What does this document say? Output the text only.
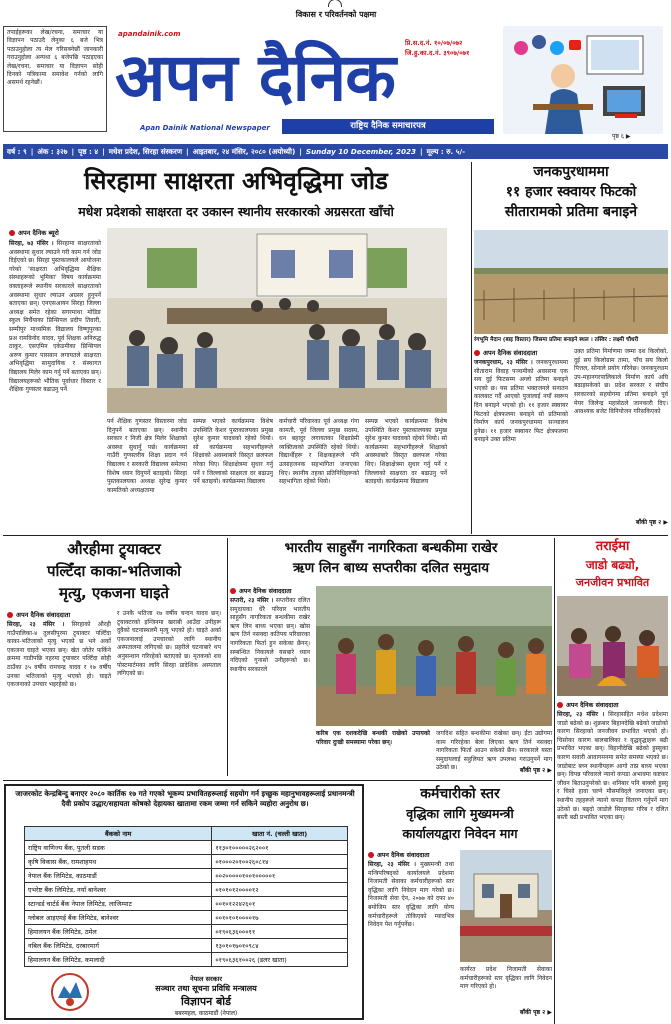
विकास र परिवर्तनको पक्षमा
तपाईहरूका लेख/रचना, समाचार या विज्ञापन पठाउदै लेनुका ६ बजे भित्र पठाउनुहोला त्य मेल गरिसक्नेछौं जानकारी गराउनुहोला अन्यथा ६ बजेपछि पठाइएका लेख/रचना, समाचार या विज्ञापन सोही दिनको पत्रिकामा समावेश गर्नको लागि असमर्थ रहनेछौं।
apandainik.com
अपन दैनिक	प्रि.स.द.नं. १०/०७/०७२
जि.हु.का.द.नं. ३९०७/०७१
Apan Dainik National Newspaper	राष्ट्रिय दैनिक समाचारपत्र
पृष्ठ ६ ▶
वर्ष : ९ | अंक : ३२७ | पृष्ठ : ४ | मधेश प्रदेश, सिरहा संस्करण | आइतबार, २४ मंसिर, २०८० (अयोध्यी) | Sunday 10 December, 2023 | मूल्य : रु. ५/-
सिरहामा साक्षरता अभिवृद्धिमा जोड
मधेश प्रदेशको साक्षरता दर उकास्न स्थानीय सरकारको अग्रसरता खाँचो
अपन दैनिक ब्यूरो
सिरहा, ७३ मंसिर । सिरहामा साक्षरताको अवस्थामा सुधार ल्याउने गरी काम गर्न जोड दिईएको छ। सिरहा पुस्तकालयले आयोजना गरेको 'साक्षरता अभिवृद्धिमा शैक्षिक संस्थाहरूको भूमिका' विषय कार्यक्रममा वक्ताहरूले स्थानीय सरकारले साक्षरताको अवस्थामा सुधार ल्याउन अग्रसर हुनुपर्ने बताएका छन्। एनएसआयन सिरहा जिल्ला अध्यक्ष समेत रहेका सगरमाथा मोडिङ स्कुल मिर्चैयाका प्रिन्सिपल प्रदीप तिवारी, सम्मीपुर माध्यमिक विद्यालय विष्णुपुरका प्रअ रामविनोद यादव, पूर्व शिक्षक अनिरुद्ध ठाकुर, एसएमिन एकेडमीका प्रिन्सिपल अरुण कुमार पासवान लगायतले साक्षरता अभिवृद्धिमा सामुदायिक र संस्थागत विद्यालय मिलेर काम गर्नु पर्ने बताएका छन्। विद्यालयहरूको भौतिक पूर्वाधार विस्तार र शैक्षिक गुणस्तर बढाउनु पर्ने
पर्न शैक्षिक गुणस्तर विस्तारमा जोड दिनुपर्ने बताएका छन्। स्थानीय सरकार र निजी क्षेत्र मिलेर शिक्षाको अवस्था सुधार्नु पर्छ। कार्यक्रममा गाउँरी गुणस्तरीय शिक्षा प्रदान गर्न विद्यालय र सरकारी विद्यालय समेतमा विशेष ध्यान दिनुपर्ने बताइयो। सिरहा पुस्तकालयका अध्यक्ष सुरेन्द्र कुमार कामतिको अध्यक्षतामा
सम्पन्न भएको कार्यक्रममा विशेष उपस्थिति केशर पुस्तकालयका प्रमुख सुरेश कुमार यादवको रहेको थियो। सो कार्यक्रममा सहभागीहरूले शिक्षाको अवस्थाबारे विस्तृत छलफल गरेका थिए। शिक्षाक्षेत्रमा सुधार गर्नु पर्ने र जिल्लाको साक्षरता दर बढाउनु पर्ने बताइयो। कार्यक्रममा विद्यालय
कर्मचारी परिवारका पूर्व अध्यक्ष गंगा कामती, पूर्व जिल्ला प्रमुख सदस्य, धन बहादुर लगायतका शिक्षाप्रेमी व्यक्तित्वको उपस्थिति रहेको थियो। विद्यार्थीहरू र शिक्षकहरूले पनि उत्साहजनक सहभागिता जनाएका थिए। स्थानीय तहका प्रतिनिधिहरूको सहभागिता रहेको थियो।
सम्पन्न भएको कार्यक्रममा विशेष उपस्थिति केशर पुस्तकालयका प्रमुख सुरेश कुमार यादवको रहेको थियो। सो कार्यक्रममा सहभागीहरूले शिक्षाको अवस्थाबारे विस्तृत छलफल गरेका थिए। शिक्षाक्षेत्रमा सुधार गर्नु पर्ने र जिल्लाको साक्षरता दर बढाउनु पर्ने बताइयो। कार्यक्रममा विद्यालय
जनकपुरधाममा
११ हजार स्क्वायर फिटको
सीतारामको प्रतिमा बनाइने
रंगभूमि मैदान (बाइ विस्तार) जिसमा प्रतिमा बनाइने स्थल । तस्विर : लक्ष्मी चौधरी
अपन दैनिक संवाददाता
जनकपुरधाम, २३ मंसिर । जनकपुरधाममा सीताराम विवाह पञ्चमीको अवसरमा एक सय दुई फिटसम्म अग्लो प्रतिमा बनाइने भएको छ। यस प्रतिमा भक्तजनले सनातन कालबाट गर्दै आएको पुजालाई नयाँ स्वरूप दिन बनाइने भएको हो। ११ हजार स्क्वायर फिटको क्षेत्रफलमा बनाइने सो प्रतिमाको निर्माण कार्य जनकपुरधाममा सञ्चालन हुनेछ। ११ हजार स्क्वायर फिट क्षेत्रफलमा बनाइने उक्त प्रतिमा
उक्त प्रतिमा निर्माणमा जम्मा दश किलोको, दुई सय किलोग्राम तामा, पाँच सय किलो पित्तल, सोनाले प्रयोग गरिनेछ। जनकपुरधाम उप-महानगरपालिकाले निर्माण कार्य अघि बढाइसकेको छ। प्रदेश सरकार र संघीय सरकारको सहयोगमा प्रतिमा बनाइने पूर्व मेयर जिलेन्द्र महासेठले जानकारी दिए। आवश्यक बजेट विनियोजन गरिसकिएको
बाँकी पृष्ठ २ ▶
औरहीमा ट्र्याक्टर
पल्टिँदा काका-भतिजाको
मृत्यु, एकजना घाइते
अपन दैनिक संवाददाता
सिरहा, २३ मंसिर । सिरहाको औरही गाउँपालिका-४ तुलसीपुरमा ट्र्याक्टर पल्टिँदा काका-भतिजाको मृत्यु भएको छ भने अर्को एकजना घाइते भएका छन्। खेत जोतेर फर्किने क्रममा गाडीपछि नहरमा ट्र्याक्टर पल्टिँदा सोही ठाउँका ३५ वर्षीय रामचन्द्र यादव र १७ वर्षीय उनका भतिजाको मृत्यु भएको हो। घाइते एकजनाको उपचार भइरहेको छ।
र उनकै भतिजा १७ वर्षीय चन्दन यादव छन्। ट्र्याक्टरको इन्जिनमा खराबी आउँदा उनीहरू दुवैको घटनास्थलमै मृत्यु भएको हो। घाइते अर्का एकजनालाई उपचारको लागि स्थानीय अस्पतालमा लगिएको छ। प्रहरीले घटनाबारे थप अनुसन्धान गरिरहेको बताएको छ। मृतकको शव पोस्टमार्टमका लागि सिरहा प्रादेशिक अस्पताल लगिएको छ।
भारतीय साहुसँग नागरिकता बन्धकीमा राखेर
ऋण लिन बाध्य सप्तरीका दलित समुदाय
अपन दैनिक संवाददाता
सप्तरी, २३ मंसिर । सप्तरीका दलित समुदायका धेरै परिवार भारतीय साहुसँग नागरिकता बन्धकीमा राखेर ऋण लिन बाध्य भएका छन्। खोस ऋण तिर्न नसक्दा कतिपय परिवारका नागरिकता फिर्ता हुन सकेका छैनन्। सम्बन्धित निकायले यसबारे ध्यान नदिएको गुनासो उनीहरूको छ। स्थानीय सरकारले
करिब एक दशकदेखि बन्धकी राखेको उपायको परिवार दुःखी समस्यामा परेका छन्।
जगदिश सहित बन्धकीमा राखेका छन्। ईंटा उद्योगमा काम गरिरहेका बेला लिएका ऋण तिर्न नसक्दा नागरिकता फिर्ता आउन सकेको छैन। सरकारले यस्ता समुदायलाई सहुलियत ऋण उपलब्ध गराउनुपर्ने माग उठेको छ।	बाँकी पृष्ठ २ ▶
तराईमा
जाडो बढ्यो,
जनजीवन प्रभावित
अपन दैनिक संवाददाता
सिरहा, २३ मंसिर । सिरहासहित मधेश प्रदेशमा जाडो बढेको छ। शुक्रबार बिहानदेखि बढेको जाडोको कारण सिरहाको जनजीवन प्रभावित भएको हो। चिसोका कारण बालबालिका र वृद्धवृद्धाहरू बढी प्रभावित भएका छन्। विहानीदेखि बढेको हुस्सुका कारण सवारी आवागमनमा समेत समस्या भएको छ। जाडोबाट बच्न स्थानीयहरू आगो ताप्न बाध्य भएका छन्। विपन्न परिवारले न्यानो कपडा अभावमा कष्टकर जीवन बिताउनुपरेको छ। शनिबार पनि बाक्लो हुस्सु र चिसो हावा चल्ने मौसमविद्ले जनाएका छन्। स्थानीय तहहरूले न्यानो कपडा वितरण गर्नुपर्ने माग उठेको छ। बढ्दो जाडोले सिरहाका गरिब र दलित बस्ती बढी प्रभावित भएका छन्।
जाजरकोट केन्द्रबिन्दु बनाएर २०८० कार्तिक १७ गते गएको भूकम्प प्रभावितहरूलाई सहयोग गर्न इच्छुक महानुभावहरूलाई प्रधानमन्त्री दैवी प्रकोप उद्धार/सहायता कोषको देहायका खातामा रकम जम्मा गर्न सकिने व्यहोरा अनुरोध छ।
बैंकको नाम	खाता नं. (चल्ती खाता)
राष्ट्रिय वाणिज्य बैंक, पुतली सडक	११३०१०००००२६२००१
कृषि विकास बैंक, रामशाहपथ	०१०००२०१००२६०८१४
नेपाल बैंक लिमिटेड, काठमाडौं	००२०००००१००१०००००१
एभरेष्ट बैंक लिमिटेड, नयाँ बानेश्वर	०१०१०१२००००१२
स्टान्डर्ड चार्टर्ड बैंक नेपाल लिमिटेड, लाजिम्पाट	००१०१२२४२६०१
ग्लोबल आइएमई बैंक लिमिटेड, बानेश्वर	००१०१०१००००१७
हिमालयन बैंक लिमिटेड, ठमेल	०१९०६३६०००११
नबिल बैंक लिमिटेड, दरबारमार्ग	१३०१०१७०१०९८४
हिमालयन बैंक लिमिटेड, कमलादी	०१९०६३६१००२६ (डलर खाता)
नेपाल सरकार
सञ्चार तथा सूचना प्रविधि मन्त्रालय
विज्ञापन बोर्ड
बबरमहल, काठमाडौं (नेपाल)
कर्मचारीको स्तर
वृद्धिका लागि मुख्यमन्त्री
कार्यालयद्वारा निवेदन माग
अपन दैनिक संवाददाता
सिरहा, २३ मंसिर । मुख्यमन्त्री तथा मन्त्रिपरिषद्को कार्यालयले प्रदेशमा निजामती सेवाका कर्मचारीहरूको स्तर वृद्धिका लागि निवेदन माग गरेको छ। निजामती सेवा ऐन, २०७७ को दफा ४० बमोजिम स्तर वृद्धिका लागि योग्य कर्मचारीहरूले तोकिएको म्यादभित्र निवेदन पेश गर्नुपर्नेछ।
कार्यरत प्रदेश निजामती सेवाका कर्मचारीहरूको स्तर वृद्धिका लागि निवेदन माग गरिएको हो।
बाँकी पृष्ठ २ ▶
